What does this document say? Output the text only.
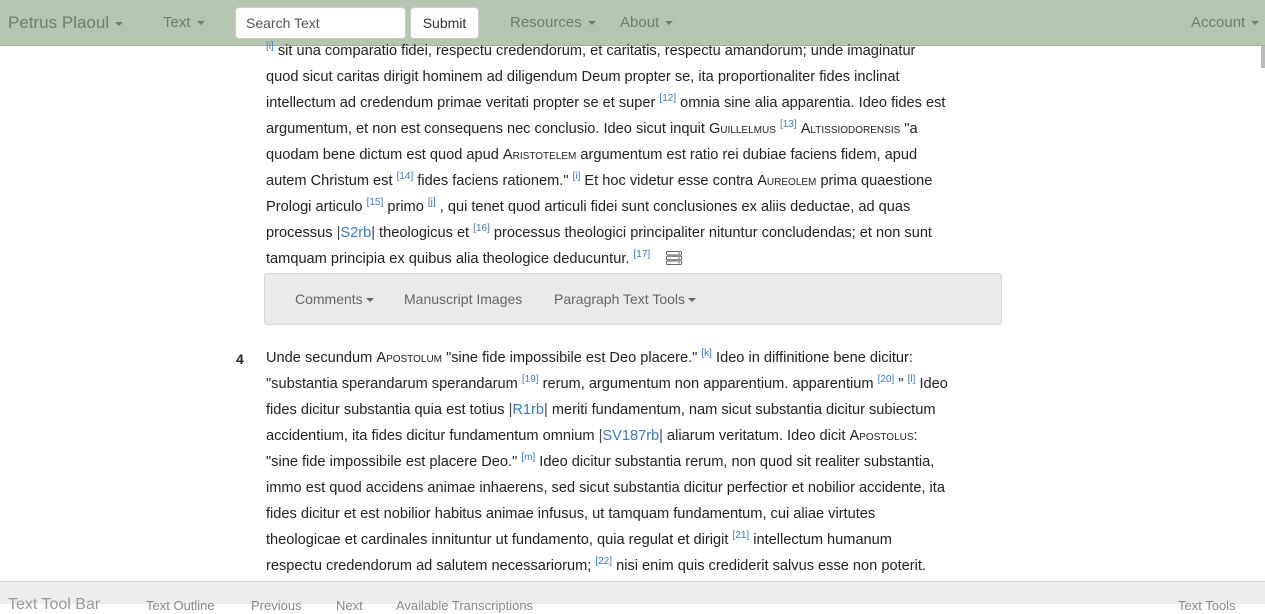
Petrus Plaoul	Text
Search Text	Submit	Resources	About	Account
[i] sit una comparatio fidei, respectu credendorum, et caritatis, respectu amandorum; unde imaginatur
quod sicut caritas dirigit hominem ad diligendum Deum propter se, ita proportionaliter fides inclinat
intellectum ad credendum primae veritati propter se et super [12] omnia sine alia apparentia. Ideo fides est
argumentum, et non est consequens nec conclusio. Ideo sicut inquit Guillelmus [13] Altissiodorensis "a
quodam bene dictum est quod apud Aristotelem argumentum est ratio rei dubiae faciens fidem, apud
autem Christum est [14] fides faciens rationem." [i] Et hoc videtur esse contra Aureolem prima quaestione
Prologi articulo [15] primo [j] , qui tenet quod articuli fidei sunt conclusiones ex aliis deductae, ad quas
processus |S2rb| theologicus et [16] processus theologici principaliter nituntur concludendas; et non sunt
tamquam principia ex quibus alia theologice deducuntur. [17]
Comments	Manuscript Images Paragraph Text Tools
4 Unde secundum Apostolum "sine fide impossibile est Deo placere." [k] Ideo in diffinitione bene dicitur:
"substantia sperandarum sperandarum [19] rerum, argumentum non apparentium. apparentium [20] " [l] Ideo
fides dicitur substantia quia est totius |R1rb| meriti fundamentum, nam sicut substantia dicitur subiectum
accidentium, ita fides dicitur fundamentum omnium |SV187rb| aliarum veritatum. Ideo dicit Apostolus:
"sine fide impossibile est placere Deo." [m] Ideo dicitur substantia rerum, non quod sit realiter substantia,
immo est quod accidens animae inhaerens, sed sicut substantia dicitur perfectior et nobilior accidente, ita
fides dicitur et est nobilior habitus animae infusus, ut tamquam fundamentum, cui aliae virtutes
theologicae et cardinales innituntur ut fundamento, quia regulat et dirigit [21] intellectum humanum
respectu credendorum ad salutem necessariorum; [22] nisi enim quis crediderit salvus esse non poterit.
Text Tool Bar	Text Outline	Previous	Next	Available Transcriptions	Text Tools
